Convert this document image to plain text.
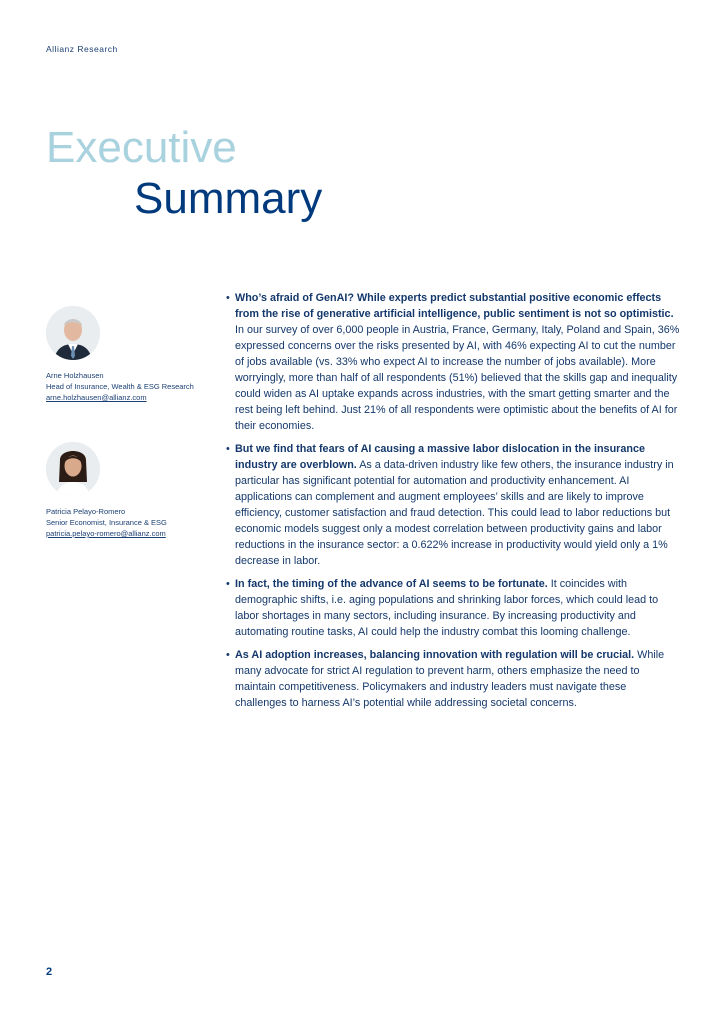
Allianz Research
Executive
Summary
Arne Holzhausen
Head of Insurance, Wealth & ESG Research
arne.holzhausen@allianz.com
Patricia Pelayo-Romero
Senior Economist, Insurance & ESG
patricia.pelayo-romero@allianz.com
• Who’s afraid of GenAI? While experts predict substantial positive economic effects from the rise of generative artificial intelligence, public sentiment is not so optimistic. In our survey of over 6,000 people in Austria, France, Germany, Italy, Poland and Spain, 36% expressed concerns over the risks presented by AI, with 46% expecting AI to cut the number of jobs available (vs. 33% who expect AI to increase the number of jobs available). More worryingly, more than half of all respondents (51%) believed that the skills gap and inequality could widen as AI uptake expands across industries, with the smart getting smarter and the rest being left behind. Just 21% of all respondents were optimistic about the benefits of AI for their economies.
• But we find that fears of AI causing a massive labor dislocation in the insurance industry are overblown. As a data-driven industry like few others, the insurance industry in particular has significant potential for automation and productivity enhancement. AI applications can complement and augment employees’ skills and are likely to improve efficiency, customer satisfaction and fraud detection. This could lead to labor reductions but economic models suggest only a modest correlation between productivity gains and labor reductions in the insurance sector: a 0.622% increase in productivity would yield only a 1% decrease in labor.
• In fact, the timing of the advance of AI seems to be fortunate. It coincides with demographic shifts, i.e. aging populations and shrinking labor forces, which could lead to labor shortages in many sectors, including insurance. By increasing productivity and automating routine tasks, AI could help the industry combat this looming challenge.
• As AI adoption increases, balancing innovation with regulation will be crucial. While many advocate for strict AI regulation to prevent harm, others emphasize the need to maintain competitiveness. Policymakers and industry leaders must navigate these challenges to harness AI’s potential while addressing societal concerns.
2
